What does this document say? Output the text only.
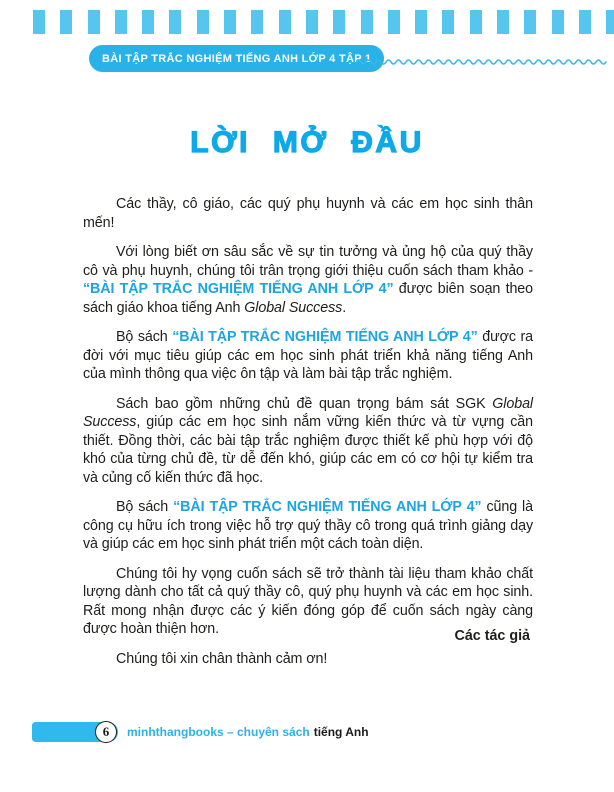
BÀI TẬP TRẮC NGHIỆM TIẾNG ANH LỚP 4 TẬP 1
LỜI MỞ ĐẦU

Các thầy, cô giáo, các quý phụ huynh và các em học sinh thân mến!

Với lòng biết ơn sâu sắc về sự tin tưởng và ủng hộ của quý thầy cô và phụ huynh, chúng tôi trân trọng giới thiệu cuốn sách tham khảo - “BÀI TẬP TRẮC NGHIỆM TIẾNG ANH LỚP 4” được biên soạn theo sách giáo khoa tiếng Anh Global Success.

Bộ sách “BÀI TẬP TRẮC NGHIỆM TIẾNG ANH LỚP 4” được ra đời với mục tiêu giúp các em học sinh phát triển khả năng tiếng Anh của mình thông qua việc ôn tập và làm bài tập trắc nghiệm.

Sách bao gồm những chủ đề quan trọng bám sát SGK Global Success, giúp các em học sinh nắm vững kiến thức và từ vựng cần thiết. Đồng thời, các bài tập trắc nghiệm được thiết kế phù hợp với độ khó của từng chủ đề, từ dễ đến khó, giúp các em có cơ hội tự kiểm tra và củng cố kiến thức đã học.

Bộ sách “BÀI TẬP TRẮC NGHIỆM TIẾNG ANH LỚP 4” cũng là công cụ hữu ích trong việc hỗ trợ quý thầy cô trong quá trình giảng dạy và giúp các em học sinh phát triển một cách toàn diện.

Chúng tôi hy vọng cuốn sách sẽ trở thành tài liệu tham khảo chất lượng dành cho tất cả quý thầy cô, quý phụ huynh và các em học sinh. Rất mong nhận được các ý kiến đóng góp để cuốn sách ngày càng được hoàn thiện hơn.

Chúng tôi xin chân thành cảm ơn!

Các tác giả
6 minhthangbooks – chuyên sách tiếng Anh
